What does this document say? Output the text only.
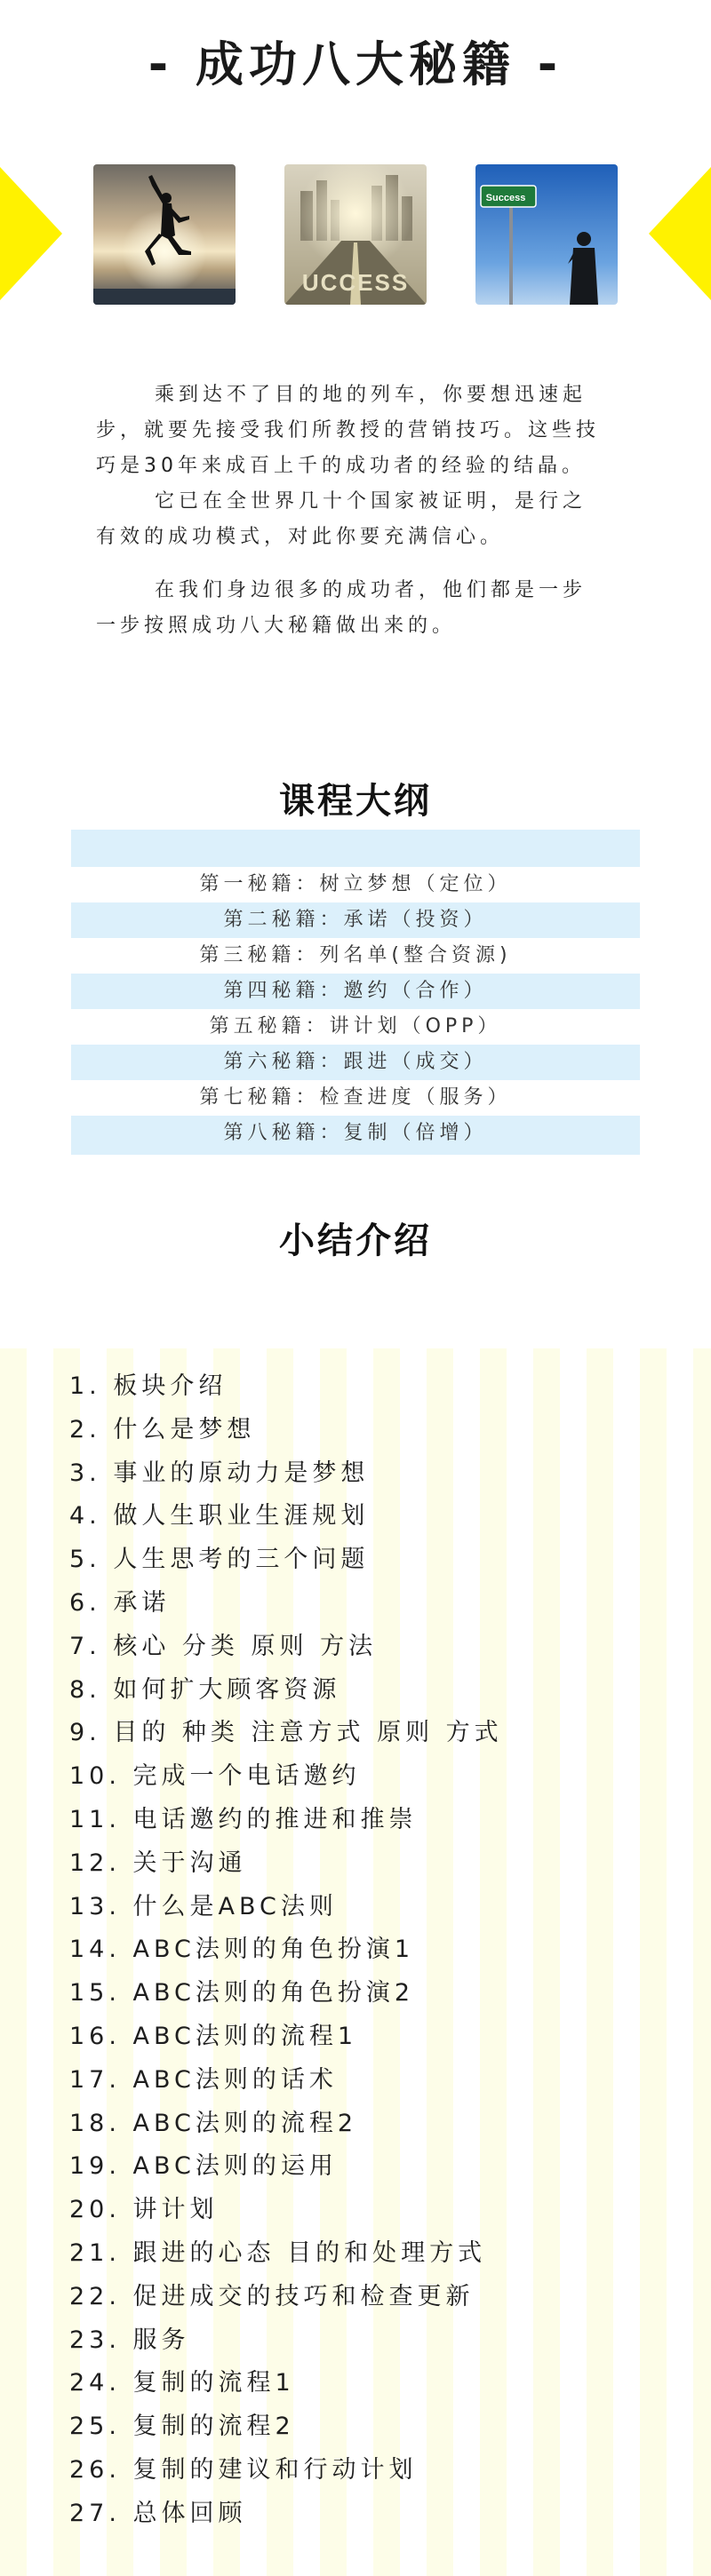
- 成功八大秘籍 -
UCCESS
Success

乘到达不了目的地的列车，你要想迅速起步，就要先接受我们所教授的营销技巧。这些技巧是30年来成百上千的成功者的经验的结晶。

它已在全世界几十个国家被证明，是行之有效的成功模式，对此你要充满信心。

在我们身边很多的成功者，他们都是一步一步按照成功八大秘籍做出来的。

课程大纲
第一秘籍：树立梦想（定位）
第二秘籍：承诺（投资）
第三秘籍：列名单(整合资源)
第四秘籍：邀约（合作）
第五秘籍：讲计划（OPP）
第六秘籍：跟进（成交）
第七秘籍：检查进度（服务）
第八秘籍：复制（倍增）
小结介绍
1. 板块介绍
2. 什么是梦想
3. 事业的原动力是梦想
4. 做人生职业生涯规划
5. 人生思考的三个问题
6. 承诺
7. 核心 分类 原则 方法
8. 如何扩大顾客资源
9. 目的 种类 注意方式 原则 方式
10. 完成一个电话邀约
11. 电话邀约的推进和推崇
12. 关于沟通
13. 什么是ABC法则
14. ABC法则的角色扮演1
15. ABC法则的角色扮演2
16. ABC法则的流程1
17. ABC法则的话术
18. ABC法则的流程2
19. ABC法则的运用
20. 讲计划
21. 跟进的心态 目的和处理方式
22. 促进成交的技巧和检查更新
23. 服务
24. 复制的流程1
25. 复制的流程2
26. 复制的建议和行动计划
27. 总体回顾
